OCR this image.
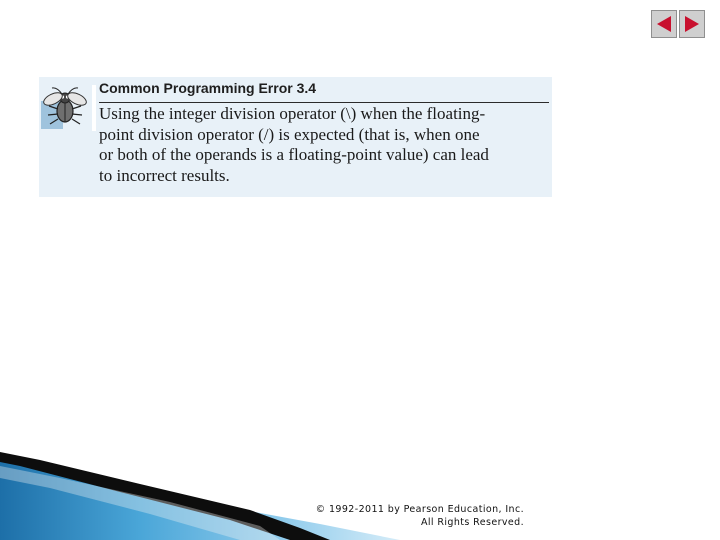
Common Programming Error 3.4

Using the integer division operator (\) when the floating-
point division operator (/) is expected (that is, when one
or both of the operands is a floating-point value) can lead
to incorrect results.

© 1992-2011 by Pearson Education, Inc.
All Rights Reserved.
